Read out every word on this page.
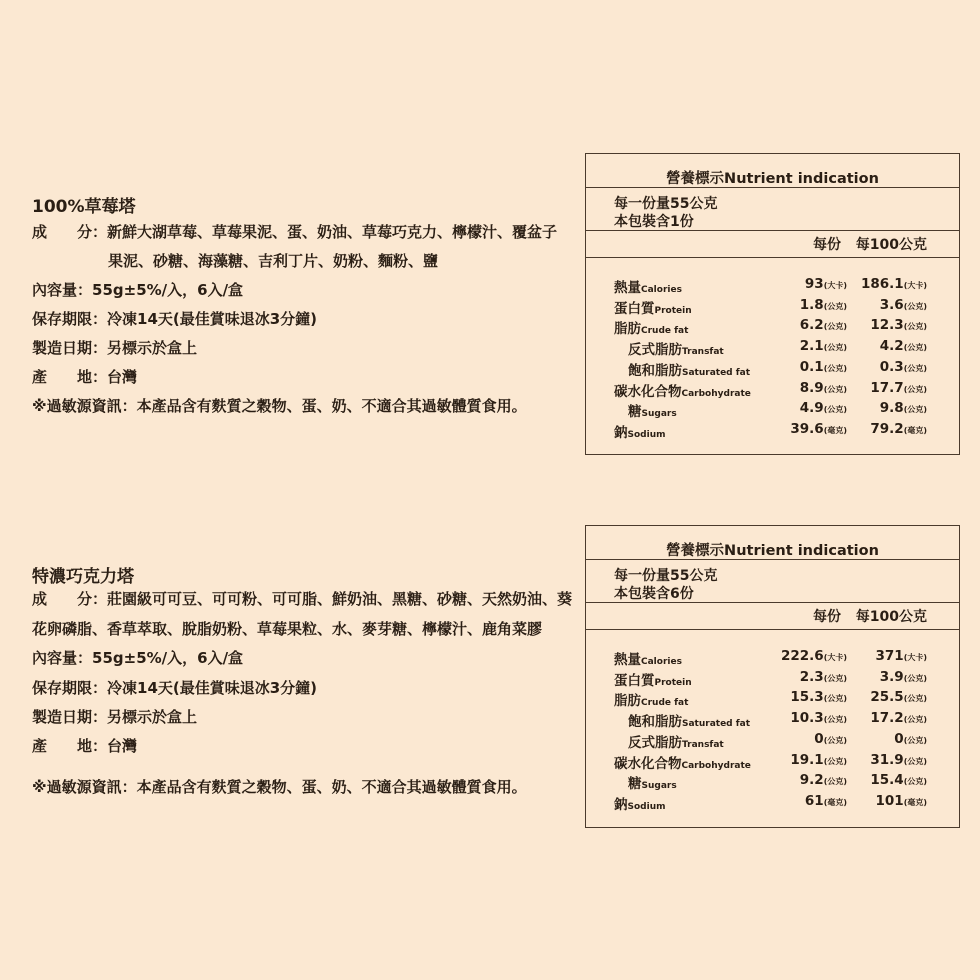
100%草莓塔
成　　分：新鮮大湖草莓、草莓果泥、蛋、奶油、草莓巧克力、檸檬汁、覆盆子
果泥、砂糖、海藻糖、吉利丁片、奶粉、麵粉、鹽
內容量：55g±5%/入，6入/盒
保存期限：冷凍14天(最佳賞味退冰3分鐘)
製造日期：另標示於盒上
產　　地：台灣
※過敏源資訊：本產品含有麩質之穀物、蛋、奶、不適合其過敏體質食用。
營養標示Nutrient indication
每一份量55公克
本包裝含1份
每份 每100公克
熱量Calories	93(大卡) 186.1(大卡)
蛋白質Protein	1.8(公克) 3.6(公克)
脂肪Crude fat	6.2(公克) 12.3(公克)
反式脂肪Transfat	2.1(公克) 4.2(公克)
飽和脂肪Saturated fat	0.1(公克) 0.3(公克)
碳水化合物Carbohydrate	8.9(公克) 17.7(公克)
糖Sugars	4.9(公克) 9.8(公克)
鈉Sodium	39.6(毫克) 79.2(毫克)
特濃巧克力塔
成　　分：莊園級可可豆、可可粉、可可脂、鮮奶油、黑糖、砂糖、天然奶油、葵
花卵磷脂、香草萃取、脫脂奶粉、草莓果粒、水、麥芽糖、檸檬汁、鹿角菜膠
內容量：55g±5%/入，6入/盒
保存期限：冷凍14天(最佳賞味退冰3分鐘)
製造日期：另標示於盒上
產　　地：台灣
※過敏源資訊：本產品含有麩質之穀物、蛋、奶、不適合其過敏體質食用。
營養標示Nutrient indication
每一份量55公克
本包裝含6份
每份 每100公克
熱量Calories	222.6(大卡) 371(大卡)
蛋白質Protein	2.3(公克) 3.9(公克)
脂肪Crude fat	15.3(公克) 25.5(公克)
飽和脂肪Saturated fat	10.3(公克) 17.2(公克)
反式脂肪Transfat	0(公克)	0(公克)
碳水化合物Carbohydrate	19.1(公克) 31.9(公克)
糖Sugars	9.2(公克) 15.4(公克)
鈉Sodium	61(毫克) 101(毫克)
